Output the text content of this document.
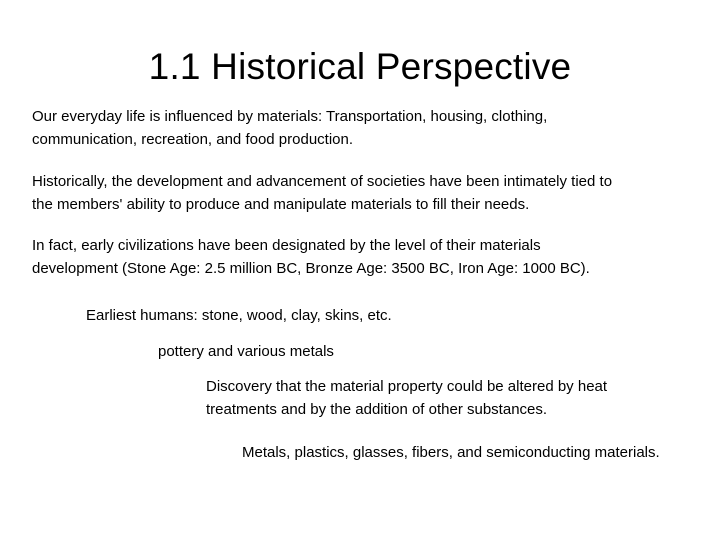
1.1 Historical Perspective
Our everyday life is influenced by materials: Transportation, housing, clothing,
communication, recreation, and food production.
Historically, the development and advancement of societies have been intimately tied to
the members' ability to produce and manipulate materials to fill their needs.
In fact, early civilizations have been designated by the level of their materials
development (Stone Age: 2.5 million BC, Bronze Age: 3500 BC, Iron Age: 1000 BC).
Earliest humans: stone, wood, clay, skins, etc.
pottery and various metals
Discovery that the material property could be altered by heat
treatments and by the addition of other substances.
Metals, plastics, glasses, fibers, and semiconducting materials.
